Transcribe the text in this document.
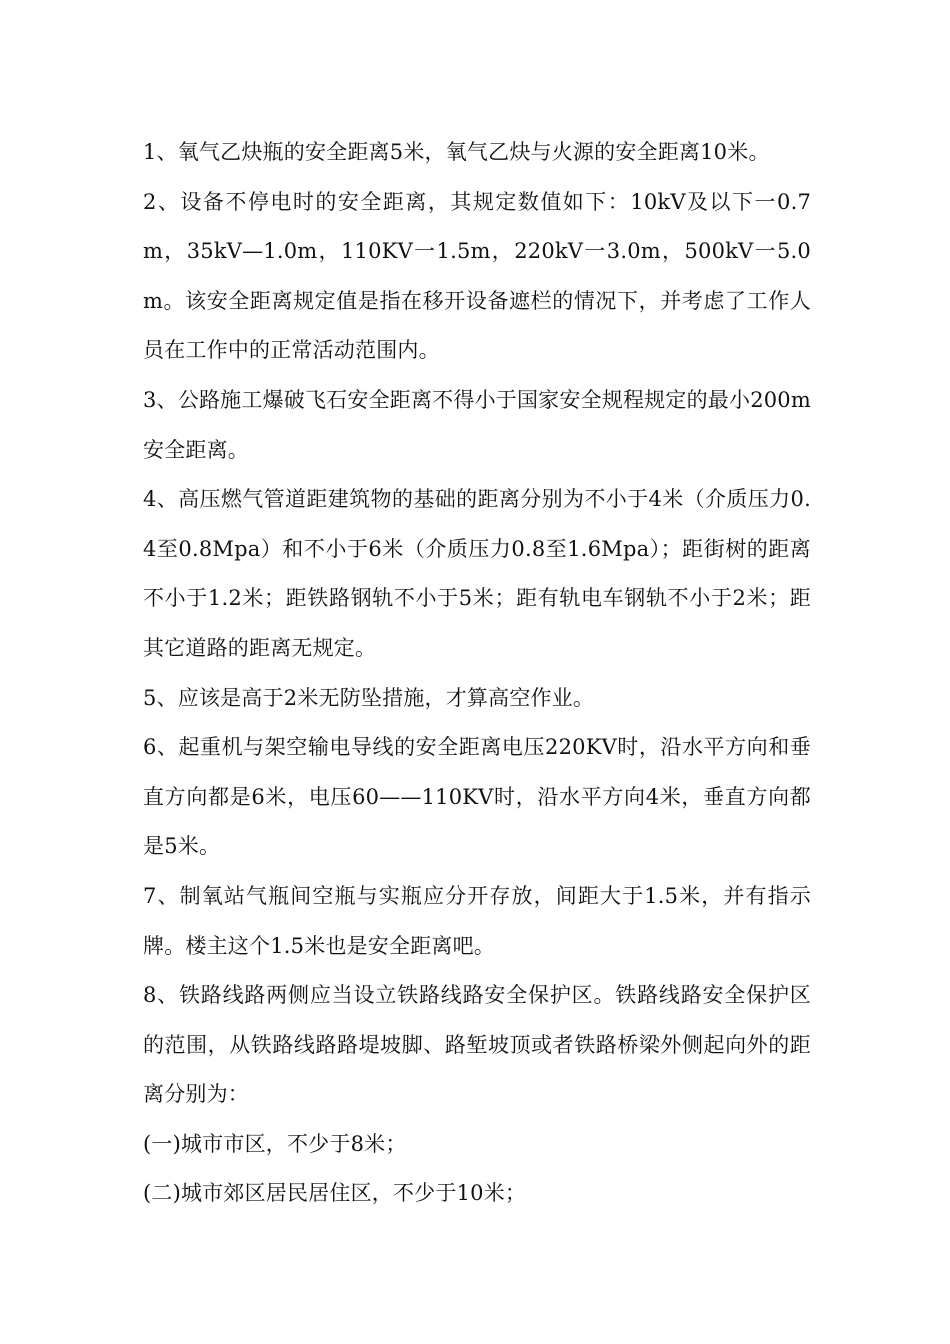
1、氧气乙炔瓶的安全距离5米，氧气乙炔与火源的安全距离10米。

2、设备不停电时的安全距离，其规定数值如下：10kV及以下一0.7m，35kV—1.0m，110KV一1.5m，220kV一3.0m，500kV一5.0m。该安全距离规定值是指在移开设备遮栏的情况下，并考虑了工作人员在工作中的正常活动范围内。

3、公路施工爆破飞石安全距离不得小于国家安全规程规定的最小200m安全距离。

4、高压燃气管道距建筑物的基础的距离分别为不小于4米（介质压力0.4至0.8Mpa）和不小于6米（介质压力0.8至1.6Mpa）；距街树的距离不小于1.2米；距铁路钢轨不小于5米；距有轨电车钢轨不小于2米；距其它道路的距离无规定。

5、应该是高于2米无防坠措施，才算高空作业。

6、起重机与架空输电导线的安全距离电压220KV时，沿水平方向和垂直方向都是6米，电压60——110KV时，沿水平方向4米，垂直方向都是5米。

7、制氧站气瓶间空瓶与实瓶应分开存放，间距大于1.5米，并有指示牌。楼主这个1.5米也是安全距离吧。

8、铁路线路两侧应当设立铁路线路安全保护区。铁路线路安全保护区的范围，从铁路线路路堤坡脚、路堑坡顶或者铁路桥梁外侧起向外的距离分别为：

(一)城市市区，不少于8米；

(二)城市郊区居民居住区，不少于10米；
